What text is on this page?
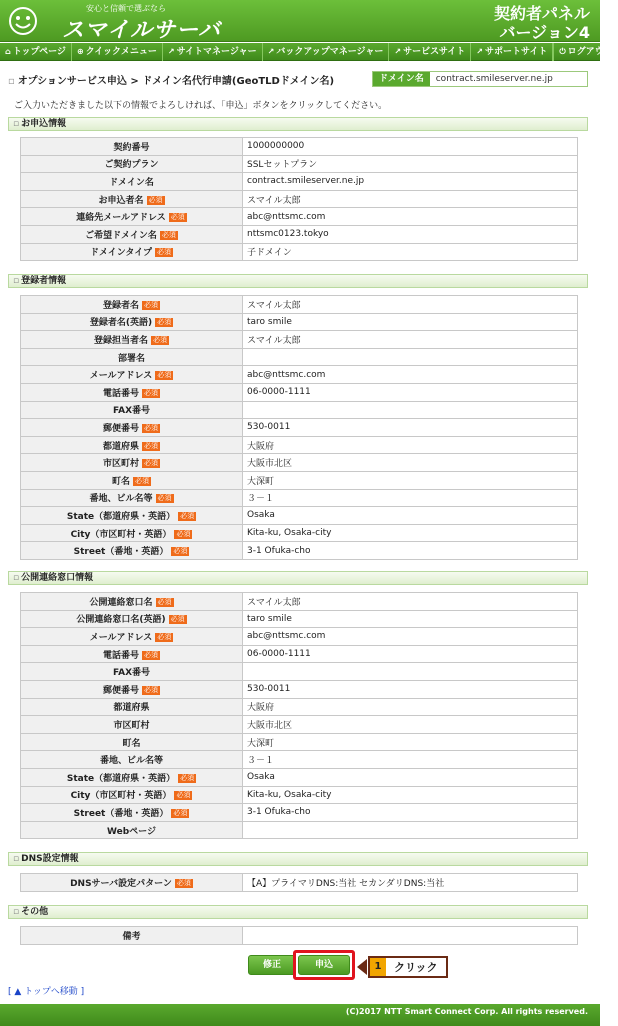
安心と信頼で選ぶなら
スマイルサーバ
契約者パネル
バージョン4
⌂ トップページ	⊕ クイックメニュー	↗ サイトマネージャー	↗ バックアップマネージャー	↗ サービスサイト	↗ サポートサイト	⏻ ログアウト
▫ オプションサービス申込 > ドメイン名代行申請(GeoTLDドメイン名)	ドメイン名	contract.smileserver.ne.jp
ご入力いただきました以下の情報でよろしければ、「申込」ボタンをクリックしてください。
▫ お申込情報
契約番号	1000000000
ご契約プラン	SSLセットプラン
ドメイン名	contract.smileserver.ne.jp
お申込者名 必須	スマイル太郎
連絡先メールアドレス 必須	abc@nttsmc.com
ご希望ドメイン名 必須	nttsmc0123.tokyo
ドメインタイプ 必須	子ドメイン
▫ 登録者情報
登録者名 必須	スマイル太郎
登録者名(英語) 必須	taro smile
登録担当者名 必須	スマイル太郎
部署名	
メールアドレス 必須	abc@nttsmc.com
電話番号 必須	06-0000-1111
FAX番号	
郵便番号 必須	530-0011
都道府県 必須	大阪府
市区町村 必須	大阪市北区
町名 必須	大深町
番地、ビル名等 必須	３－１
State（都道府県・英語） 必須	Osaka
City（市区町村・英語） 必須	Kita-ku, Osaka-city
Street（番地・英語） 必須	3-1 Ofuka-cho
▫ 公開連絡窓口情報
公開連絡窓口名 必須	スマイル太郎
公開連絡窓口名(英語) 必須	taro smile
メールアドレス 必須	abc@nttsmc.com
電話番号 必須	06-0000-1111
FAX番号	
郵便番号 必須	530-0011
都道府県	大阪府
市区町村	大阪市北区
町名	大深町
番地、ビル名等	３－１
State（都道府県・英語） 必須	Osaka
City（市区町村・英語） 必須	Kita-ku, Osaka-city
Street（番地・英語） 必須	3-1 Ofuka-cho
Webページ	
▫ DNS設定情報
DNSサーバ設定パターン 必須	【A】プライマリDNS:当社 セカンダリDNS:当社
▫ その他
備考	
修正	申込	1	クリック
[ ▲ トップへ移動 ]
(C)2017 NTT Smart Connect Corp. All rights reserved.
